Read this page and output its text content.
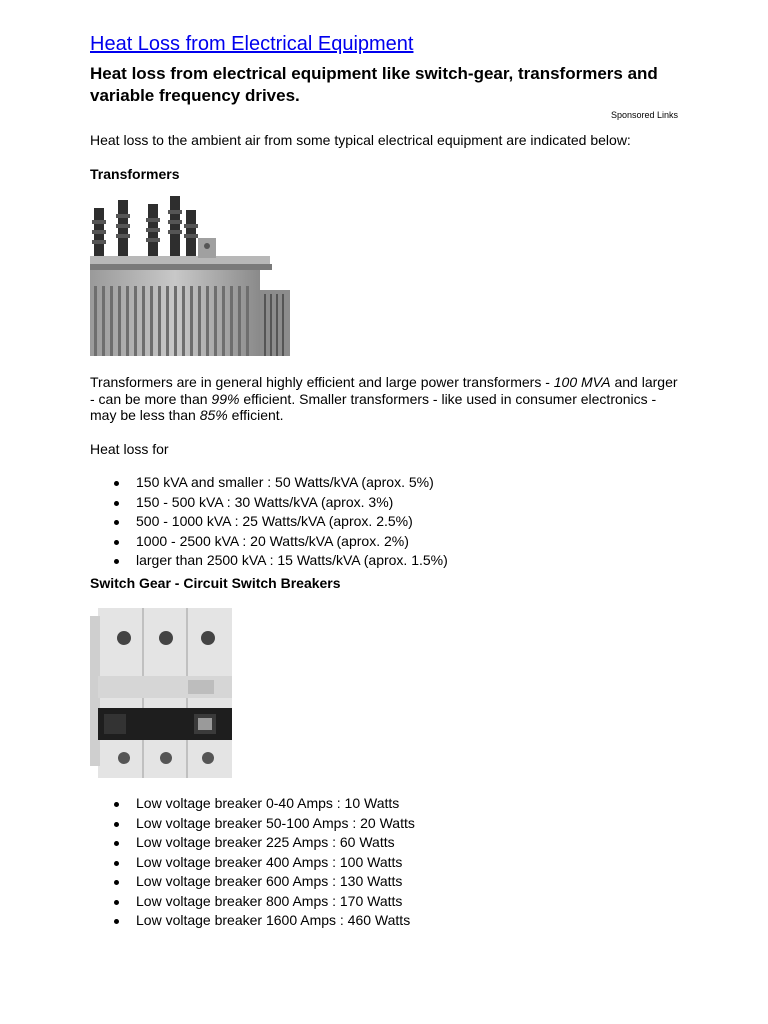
Heat Loss from Electrical Equipment
Heat loss from electrical equipment like switch-gear, transformers and variable frequency drives.
Sponsored Links
Heat loss to the ambient air from some typical electrical equipment are indicated below:
Transformers
Transformers are in general highly efficient and large power transformers - 100 MVA and larger - can be more than 99% efficient. Smaller transformers - like used in consumer electronics - may be less than 85% efficient.
Heat loss for
150 kVA and smaller : 50 Watts/kVA (aprox. 5%)
150 - 500 kVA : 30 Watts/kVA (aprox. 3%)
500 - 1000 kVA : 25 Watts/kVA (aprox. 2.5%)
1000 - 2500 kVA : 20 Watts/kVA (aprox. 2%)
larger than 2500 kVA : 15 Watts/kVA (aprox. 1.5%)
Switch Gear - Circuit Switch Breakers
Low voltage breaker 0-40 Amps : 10 Watts
Low voltage breaker 50-100 Amps : 20 Watts
Low voltage breaker 225 Amps : 60 Watts
Low voltage breaker 400 Amps : 100 Watts
Low voltage breaker 600 Amps : 130 Watts
Low voltage breaker 800 Amps : 170 Watts
Low voltage breaker 1600 Amps : 460 Watts
